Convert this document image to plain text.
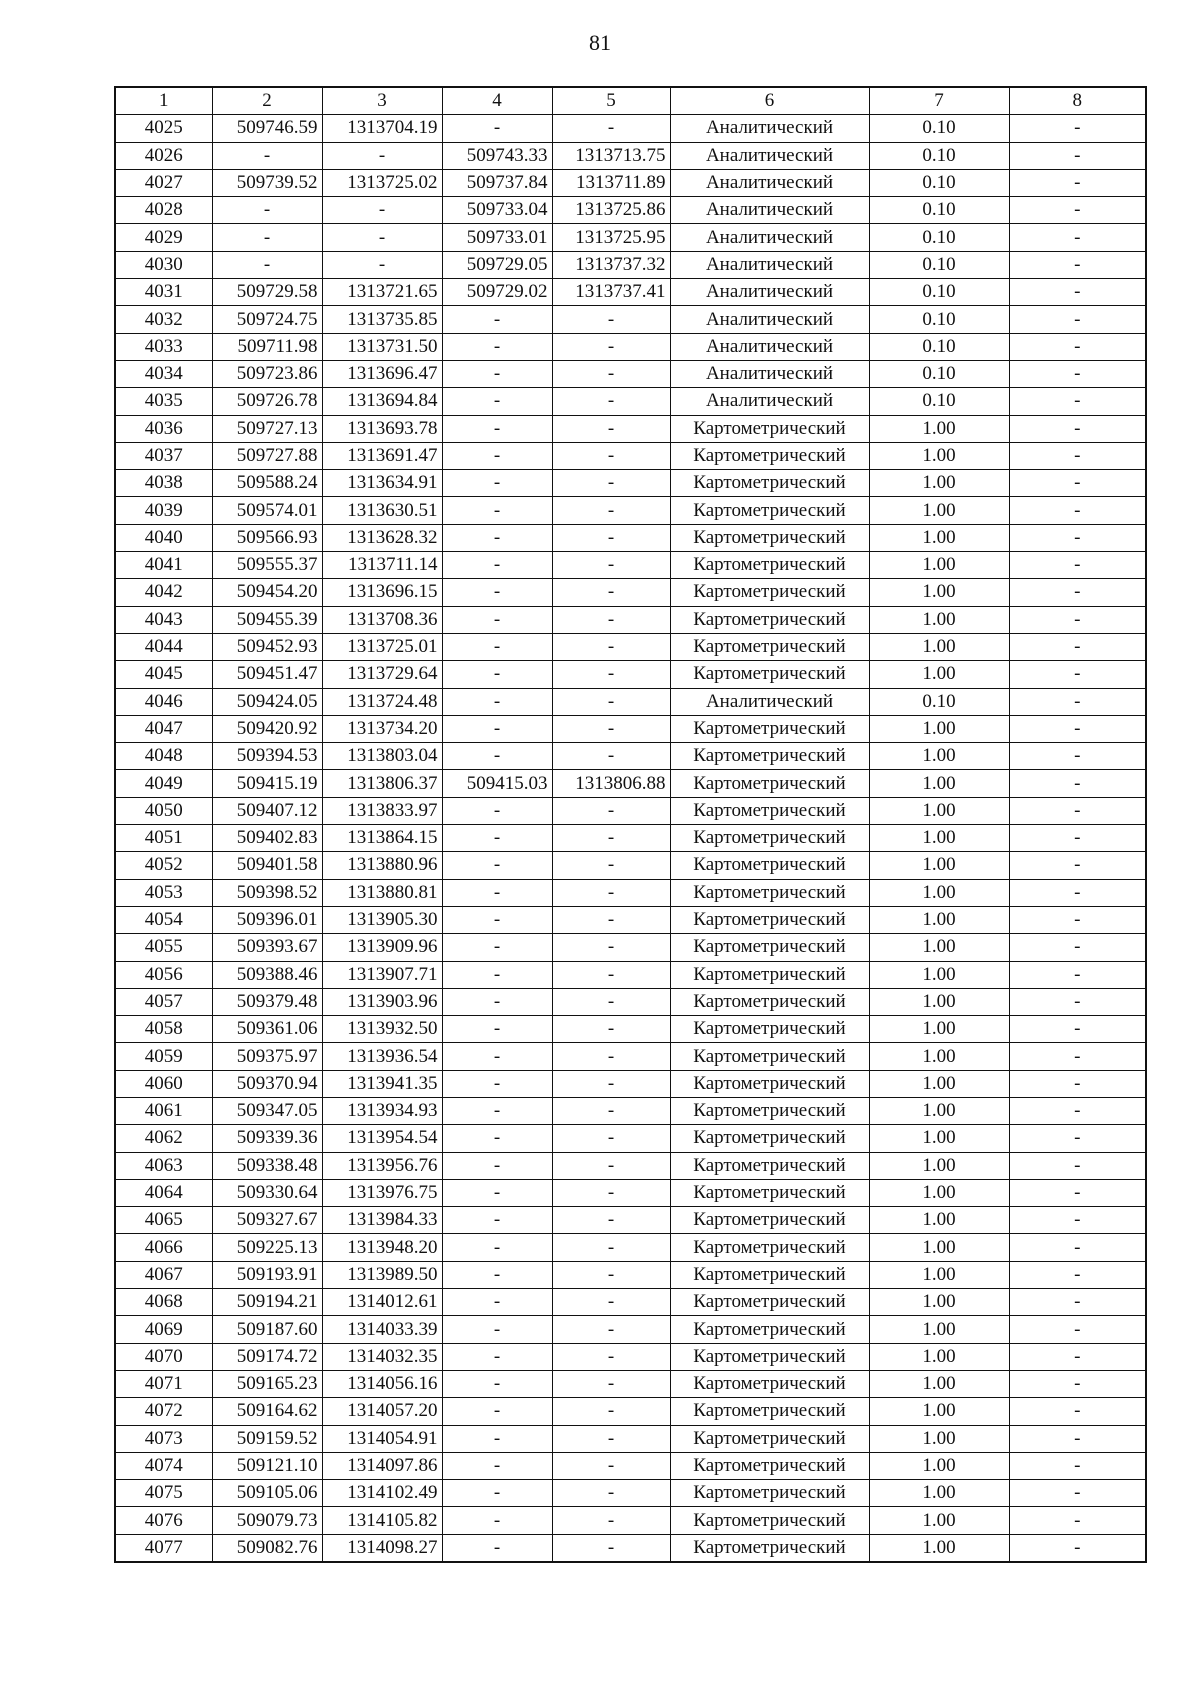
81
1	2	3	4	5	6	7	8
4025	509746.59	1313704.19	-	-	Аналитический	0.10	-
4026	-	-	509743.33	1313713.75	Аналитический	0.10	-
4027	509739.52	1313725.02	509737.84	1313711.89	Аналитический	0.10	-
4028	-	-	509733.04	1313725.86	Аналитический	0.10	-
4029	-	-	509733.01	1313725.95	Аналитический	0.10	-
4030	-	-	509729.05	1313737.32	Аналитический	0.10	-
4031	509729.58	1313721.65	509729.02	1313737.41	Аналитический	0.10	-
4032	509724.75	1313735.85	-	-	Аналитический	0.10	-
4033	509711.98	1313731.50	-	-	Аналитический	0.10	-
4034	509723.86	1313696.47	-	-	Аналитический	0.10	-
4035	509726.78	1313694.84	-	-	Аналитический	0.10	-
4036	509727.13	1313693.78	-	-	Картометрический	1.00	-
4037	509727.88	1313691.47	-	-	Картометрический	1.00	-
4038	509588.24	1313634.91	-	-	Картометрический	1.00	-
4039	509574.01	1313630.51	-	-	Картометрический	1.00	-
4040	509566.93	1313628.32	-	-	Картометрический	1.00	-
4041	509555.37	1313711.14	-	-	Картометрический	1.00	-
4042	509454.20	1313696.15	-	-	Картометрический	1.00	-
4043	509455.39	1313708.36	-	-	Картометрический	1.00	-
4044	509452.93	1313725.01	-	-	Картометрический	1.00	-
4045	509451.47	1313729.64	-	-	Картометрический	1.00	-
4046	509424.05	1313724.48	-	-	Аналитический	0.10	-
4047	509420.92	1313734.20	-	-	Картометрический	1.00	-
4048	509394.53	1313803.04	-	-	Картометрический	1.00	-
4049	509415.19	1313806.37	509415.03	1313806.88	Картометрический	1.00	-
4050	509407.12	1313833.97	-	-	Картометрический	1.00	-
4051	509402.83	1313864.15	-	-	Картометрический	1.00	-
4052	509401.58	1313880.96	-	-	Картометрический	1.00	-
4053	509398.52	1313880.81	-	-	Картометрический	1.00	-
4054	509396.01	1313905.30	-	-	Картометрический	1.00	-
4055	509393.67	1313909.96	-	-	Картометрический	1.00	-
4056	509388.46	1313907.71	-	-	Картометрический	1.00	-
4057	509379.48	1313903.96	-	-	Картометрический	1.00	-
4058	509361.06	1313932.50	-	-	Картометрический	1.00	-
4059	509375.97	1313936.54	-	-	Картометрический	1.00	-
4060	509370.94	1313941.35	-	-	Картометрический	1.00	-
4061	509347.05	1313934.93	-	-	Картометрический	1.00	-
4062	509339.36	1313954.54	-	-	Картометрический	1.00	-
4063	509338.48	1313956.76	-	-	Картометрический	1.00	-
4064	509330.64	1313976.75	-	-	Картометрический	1.00	-
4065	509327.67	1313984.33	-	-	Картометрический	1.00	-
4066	509225.13	1313948.20	-	-	Картометрический	1.00	-
4067	509193.91	1313989.50	-	-	Картометрический	1.00	-
4068	509194.21	1314012.61	-	-	Картометрический	1.00	-
4069	509187.60	1314033.39	-	-	Картометрический	1.00	-
4070	509174.72	1314032.35	-	-	Картометрический	1.00	-
4071	509165.23	1314056.16	-	-	Картометрический	1.00	-
4072	509164.62	1314057.20	-	-	Картометрический	1.00	-
4073	509159.52	1314054.91	-	-	Картометрический	1.00	-
4074	509121.10	1314097.86	-	-	Картометрический	1.00	-
4075	509105.06	1314102.49	-	-	Картометрический	1.00	-
4076	509079.73	1314105.82	-	-	Картометрический	1.00	-
4077	509082.76	1314098.27	-	-	Картометрический	1.00	-
